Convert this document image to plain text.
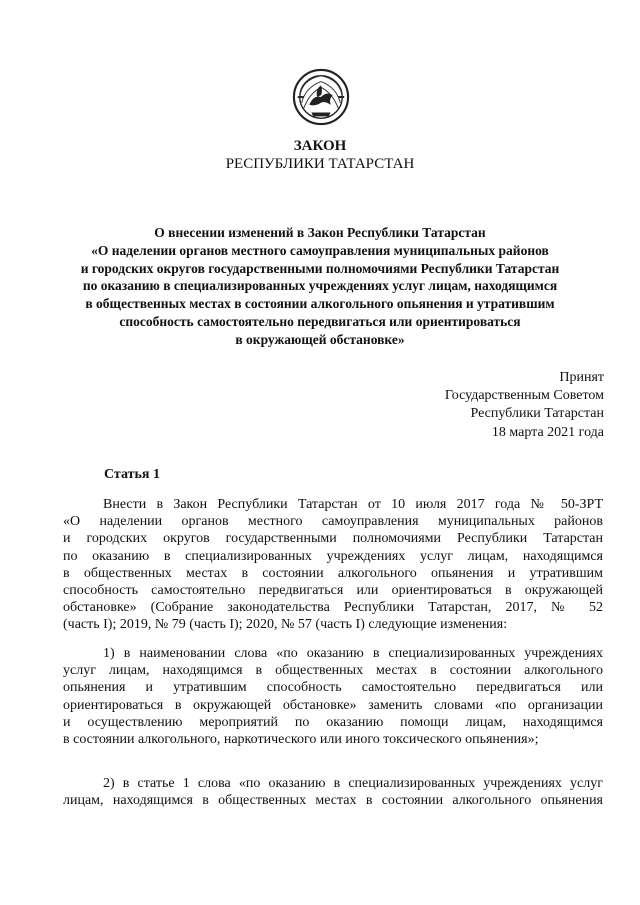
ЗАКОН
РЕСПУБЛИКИ ТАТАРСТАН
О внесении изменений в Закон Республики Татарстан
«О наделении органов местного самоуправления муниципальных районов
и городских округов государственными полномочиями Республики Татарстан
по оказанию в специализированных учреждениях услуг лицам, находящимся
в общественных местах в состоянии алкогольного опьянения и утратившим
способность самостоятельно передвигаться или ориентироваться
в окружающей обстановке»
Принят
Государственным Советом
Республики Татарстан
18 марта 2021 года
Статья 1
Внести в Закон Республики Татарстан от 10 июля 2017 года № 50-ЗРТ
«О наделении органов местного самоуправления муниципальных районов
и городских округов государственными полномочиями Республики Татарстан
по оказанию в специализированных учреждениях услуг лицам, находящимся
в общественных местах в состоянии алкогольного опьянения и утратившим
способность самостоятельно передвигаться или ориентироваться в окружающей
обстановке» (Собрание законодательства Республики Татарстан, 2017, № 52
(часть I); 2019, № 79 (часть I); 2020, № 57 (часть I) следующие изменения:
1) в наименовании слова «по оказанию в специализированных учреждениях
услуг лицам, находящимся в общественных местах в состоянии алкогольного
опьянения и утратившим способность самостоятельно передвигаться или
ориентироваться в окружающей обстановке» заменить словами «по организации
и осуществлению мероприятий по оказанию помощи лицам, находящимся
в состоянии алкогольного, наркотического или иного токсического опьянения»;
2) в статье 1 слова «по оказанию в специализированных учреждениях услуг
лицам, находящимся в общественных местах в состоянии алкогольного опьянения
